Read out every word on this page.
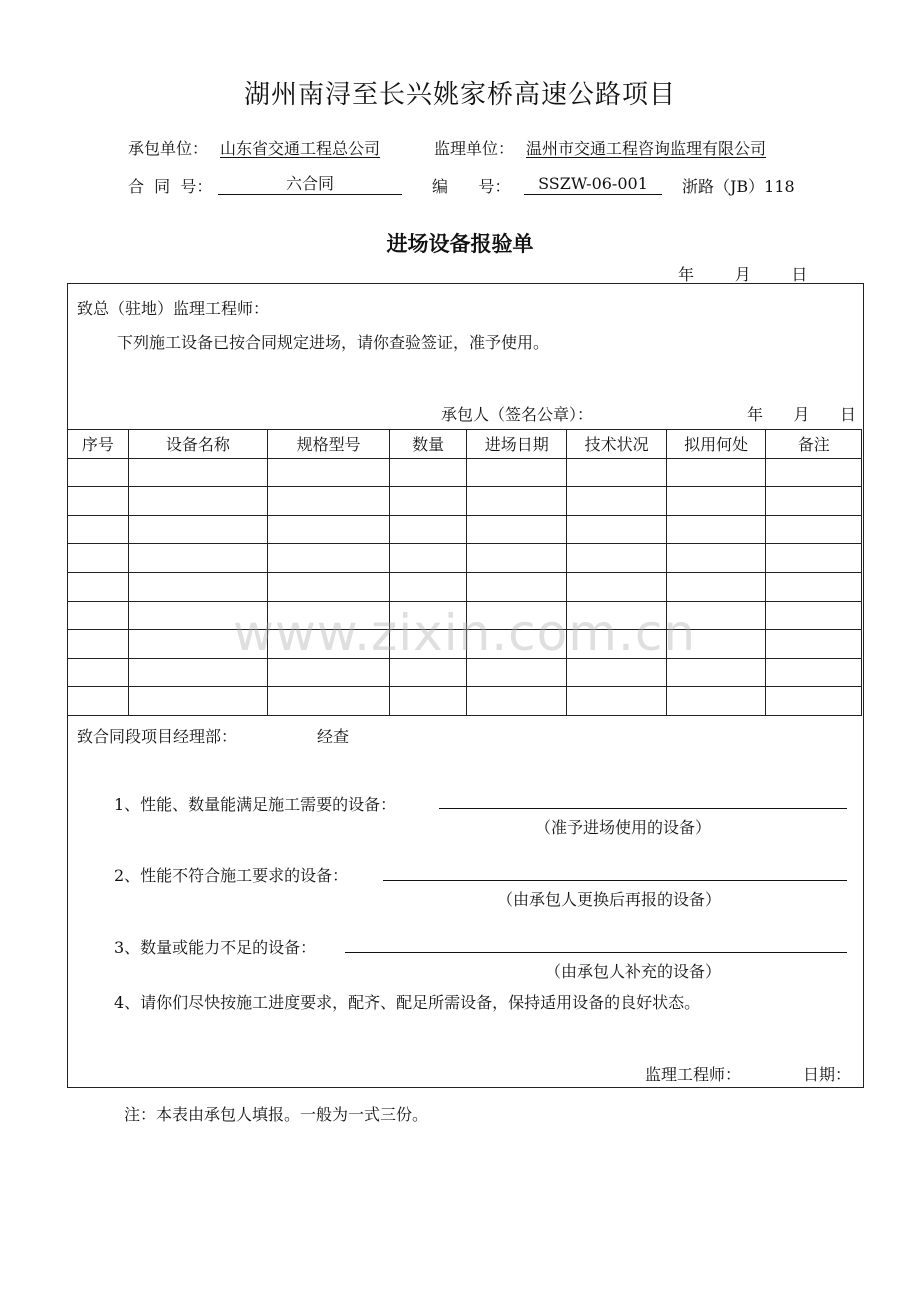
湖州南浔至长兴姚家桥高速公路项目
承包单位： 山东省交通工程总公司	监理单位： 温州市交通工程咨询监理有限公司
合  同  号：	六合同	编      号：	SSZW-06-001	浙路（JB）118
进场设备报验单
年        月        日
致总（驻地）监理工程师：
下列施工设备已按合同规定进场，请你查验签证，准予使用。
承包人（签名公章）：	年      月      日
序号	设备名称	规格型号	数量	进场日期	技术状况	拟用何处	备注

致合同段项目经理部：	经查
1、性能、数量能满足施工需要的设备：
（准予进场使用的设备）
2、性能不符合施工要求的设备：
（由承包人更换后再报的设备）
3、数量或能力不足的设备：
（由承包人补充的设备）
4、请你们尽快按施工进度要求，配齐、配足所需设备，保持适用设备的良好状态。
监理工程师：	日期：
注：本表由承包人填报。一般为一式三份。
www.zixin.com.cn
